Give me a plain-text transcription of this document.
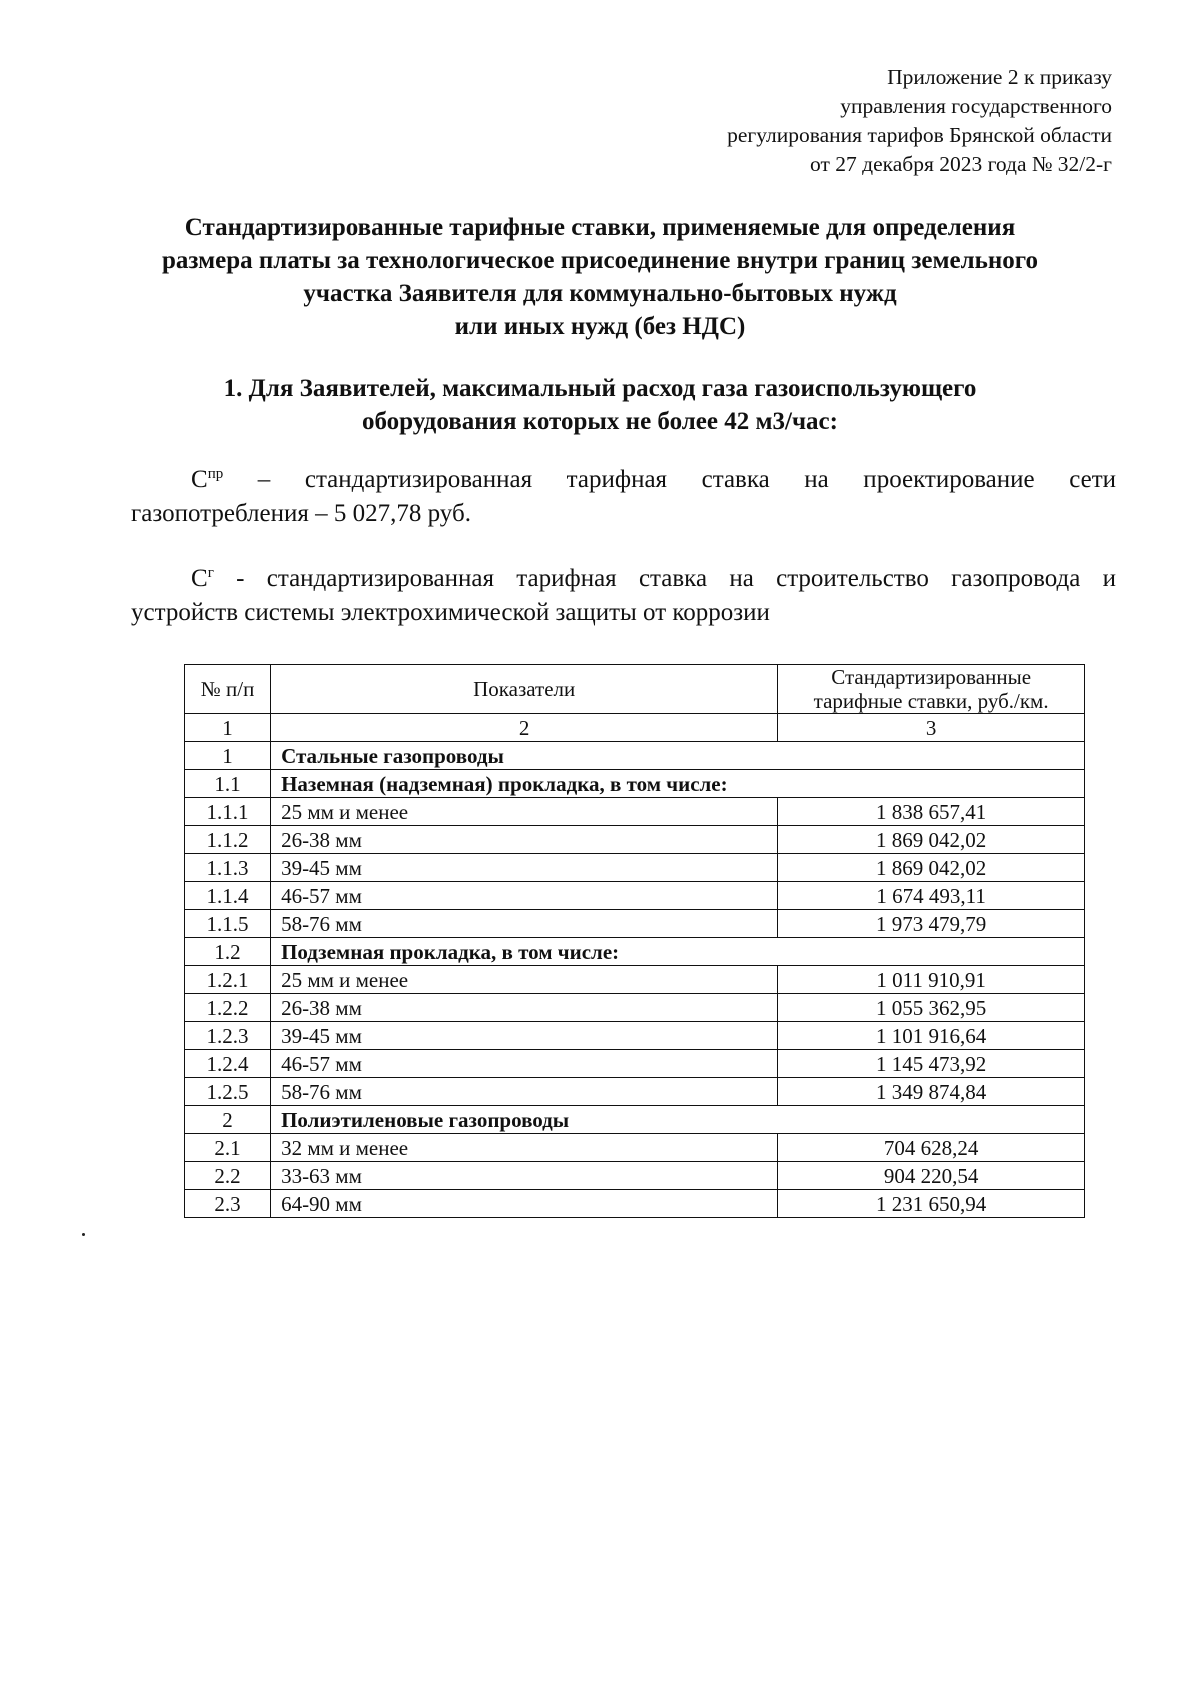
Приложение 2 к приказу
управления государственного
регулирования тарифов Брянской области
от 27 декабря 2023 года № 32/2-г
Стандартизированные тарифные ставки, применяемые для определения
размера платы за технологическое присоединение внутри границ земельного
участка Заявителя для коммунально-бытовых нужд
или иных нужд (без НДС)
1. Для Заявителей, максимальный расход газа газоиспользующего
оборудования которых не более 42 м3/час:
$С^{пр}$ – стандартизированная тарифная ставка на проектирование сети
газопотребления – 5 027,78 руб.
$С^г$ - стандартизированная тарифная ставка на строительство газопровода и
устройств системы электрохимической защиты от коррозии
№ п/п	Показатели	Стандартизированные
тарифные ставки, руб./км.

1	2	3
1	Стальные газопроводы	
1.1	Наземная (надземная) прокладка, в том числе:	
1.1.1	25 мм и менее	1 838 657,41
1.1.2	26-38 мм	1 869 042,02
1.1.3	39-45 мм	1 869 042,02
1.1.4	46-57 мм	1 674 493,11
1.1.5	58-76 мм	1 973 479,79
1.2	Подземная прокладка, в том числе:	
1.2.1	25 мм и менее	1 011 910,91
1.2.2	26-38 мм	1 055 362,95
1.2.3	39-45 мм	1 101 916,64
1.2.4	46-57 мм	1 145 473,92
1.2.5	58-76 мм	1 349 874,84
2	Полиэтиленовые газопроводы	
2.1	32 мм и менее	704 628,24
2.2	33-63 мм	904 220,54
2.3	64-90 мм	1 231 650,94
